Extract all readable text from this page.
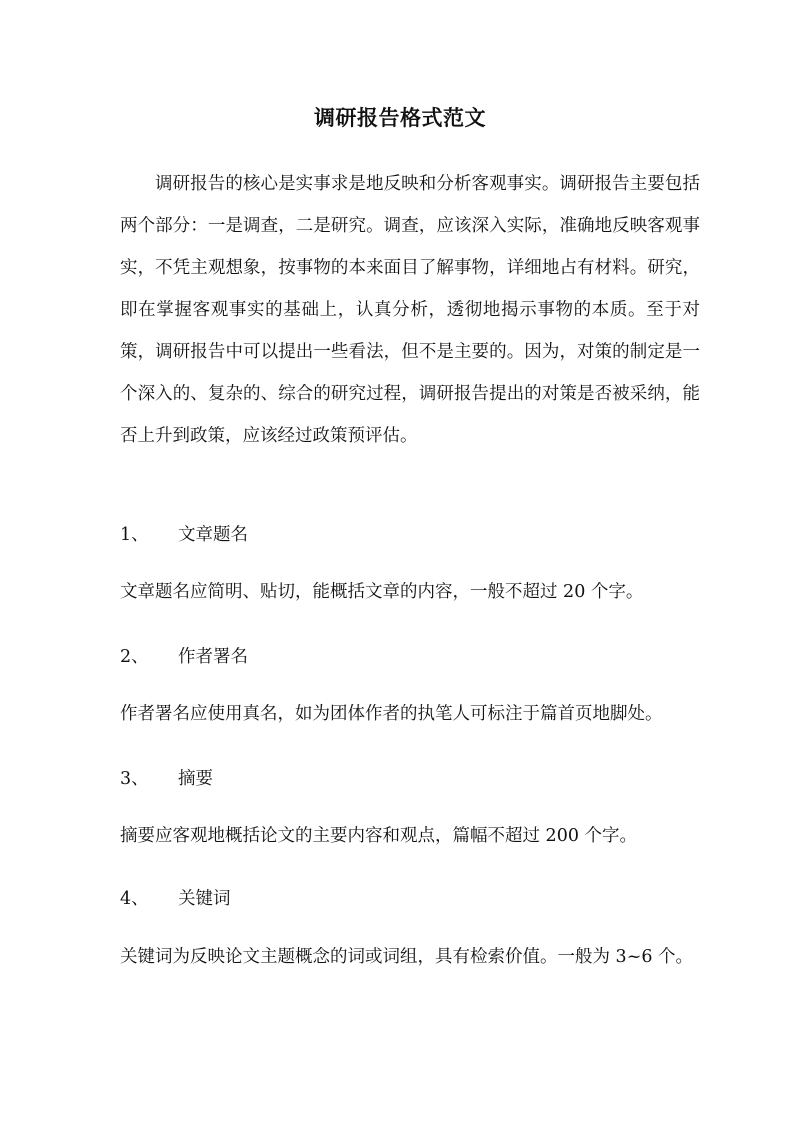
调研报告格式范文

调研报告的核心是实事求是地反映和分析客观事实。调研报告主要包括两个部分：一是调查，二是研究。调查，应该深入实际，准确地反映客观事实，不凭主观想象，按事物的本来面目了解事物，详细地占有材料。研究，即在掌握客观事实的基础上，认真分析，透彻地揭示事物的本质。至于对策，调研报告中可以提出一些看法，但不是主要的。因为，对策的制定是一个深入的、复杂的、综合的研究过程，调研报告提出的对策是否被采纳，能否上升到政策，应该经过政策预评估。

1、 文章题名

文章题名应简明、贴切，能概括文章的内容，一般不超过 20 个字。

2、 作者署名

作者署名应使用真名，如为团体作者的执笔人可标注于篇首页地脚处。

3、 摘要

摘要应客观地概括论文的主要内容和观点，篇幅不超过 200 个字。

4、 关键词

关键词为反映论文主题概念的词或词组，具有检索价值。一般为 3~6 个。
